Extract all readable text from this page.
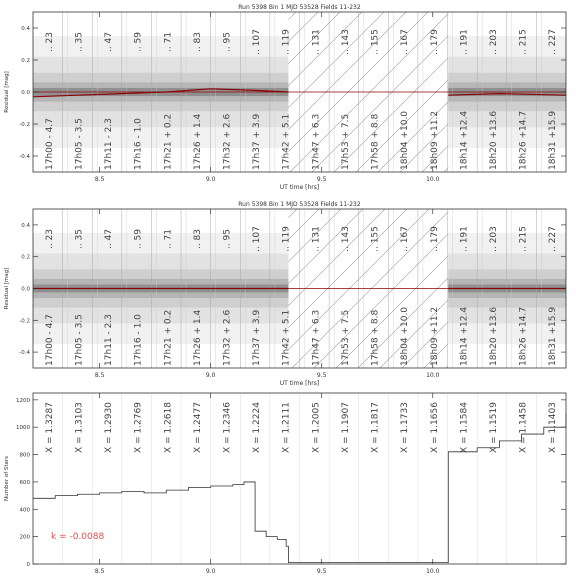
.. 23 .. 35 .. 47 .. 59 .. 71 .. 83 .. 95 .. 107 .. 119 .. 131 .. 143 .. 155 .. 167 .. 179 .. 191 .. 203 .. 215 .. 227
17h00 - 4.7 17h05 - 3.5 17h11 - 2.3 17h16 - 1.0 17h21 + 0.2 17h26 + 1.4 17h32 + 2.6 17h37 + 3.9 17h42 + 5.1 17h47 + 6.3 17h53 + 7.5 17h58 + 8.8 18h04 +10.0 18h09 +11.2 18h14 +12.4 18h20 +13.6 18h26 +14.7 18h31 +15.9
Run 5398 Bin 1 MJD 53528 Fields 11-232
8.5	9.0	9.5	10.0
0.4
0.2
0.0
-0.2
-0.4
UT time [hrs]
Residual [mag]
.. 23 .. 35 .. 47 .. 59 .. 71 .. 83 .. 95 .. 107 .. 119 .. 131 .. 143 .. 155 .. 167 .. 179 .. 191 .. 203 .. 215 .. 227
17h00 - 4.7 17h05 - 3.5 17h11 - 2.3 17h16 - 1.0 17h21 + 0.2 17h26 + 1.4 17h32 + 2.6 17h37 + 3.9 17h42 + 5.1 17h47 + 6.3 17h53 + 7.5 17h58 + 8.8 18h04 +10.0 18h09 +11.2 18h14 +12.4 18h20 +13.6 18h26 +14.7 18h31 +15.9
Run 5398 Bin 1 MJD 53528 Fields 11-232
8.5	9.0	9.5	10.0
0.4
0.2
0.0
-0.2
-0.4
UT time [hrs]
Residual [mag]
X = 1.3287 X = 1.3103 X = 1.2930 X = 1.2769 X = 1.2618 X = 1.2477 X = 1.2346 X = 1.2224 X = 1.2111 X = 1.2005 X = 1.1907 X = 1.1817 X = 1.1733 X = 1.1656 X = 1.1584 X = 1.1519 X = 1.1458 X = 1.1403
k = -0.0088
8.5	9.0	9.5	10.0
0
200
400
600
800
1000
1200
Number of Stars
